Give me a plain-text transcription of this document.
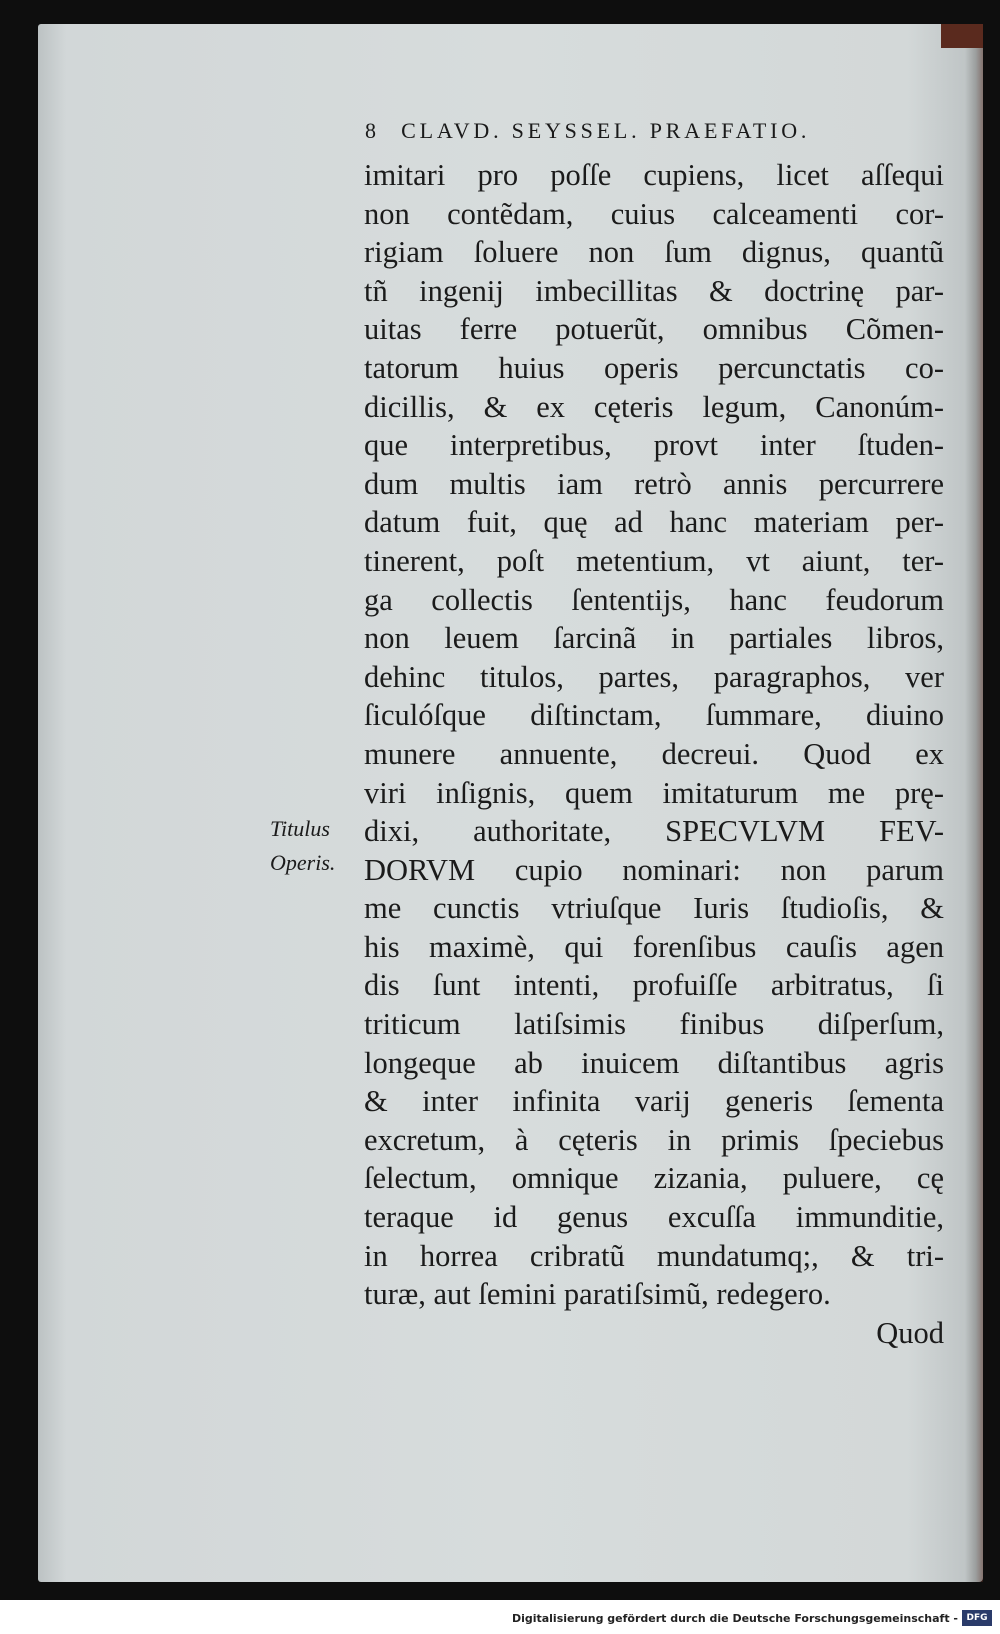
8 CLAVD. SEYSSEL. PRAEFATIO.
Titulus
Operis.
imitari pro poſſe cupiens, licet aſſequi
non contẽdam, cuius calceamenti cor-
rigiam ſoluere non ſum dignus, quantũ
tñ ingenij imbecillitas & doctrinę par-
uitas ferre potuerũt, omnibus Cõmen-
tatorum huius operis percunctatis co-
dicillis, & ex cęteris legum, Canonúm-
que interpretibus, provt inter ſtuden-
dum multis iam retrò annis percurrere
datum fuit, quę ad hanc materiam per-
tinerent, poſt metentium, vt aiunt, ter-
ga collectis ſententijs, hanc feudorum
non leuem ſarcinã in partiales libros,
dehinc titulos, partes, paragraphos, ver
ſiculóſque diſtinctam, ſummare, diuino
munere annuente, decreui. Quod ex
viri inſignis, quem imitaturum me prę-
dixi, authoritate, SPECVLVM FEV-
DORVM cupio nominari: non parum
me cunctis vtriuſque Iuris ſtudioſis, &
his maximè, qui forenſibus cauſis agen
dis ſunt intenti, profuiſſe arbitratus, ſi
triticum latiſsimis finibus diſperſum,
longeque ab inuicem diſtantibus agris
& inter infinita varij generis ſementa
excretum, à cęteris in primis ſpeciebus
ſelectum, omnique zizania, puluere, cę
teraque id genus excuſſa immunditie,
in horrea cribratũ mundatumq;, & tri-
turæ, aut ſemini paratiſsimũ, redegero.
Quod
Digitalisierung gefördert durch die Deutsche Forschungsgemeinschaft - DFG
